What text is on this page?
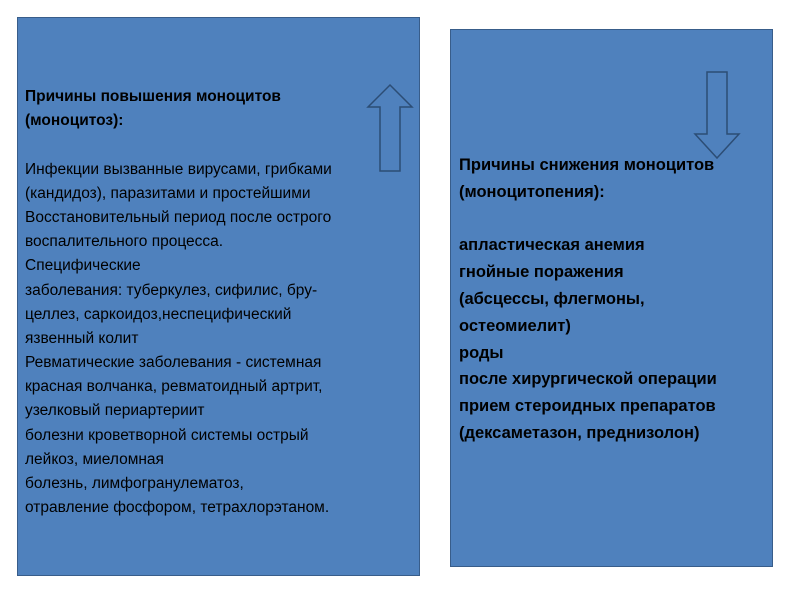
Причины повышения моноцитов
(моноцитоз):
Инфекции вызванные вирусами, грибками
(кандидоз), паразитами и простейшими
Восстановительный период после острого
воспалительного процесса.
Специфические
заболевания: туберкулез, сифилис, бру-
целлез, саркоидоз,неспецифический
язвенный колит
Ревматические заболевания - системная
красная волчанка, ревматоидный артрит,
узелковый периартериит
болезни кроветворной системы острый
лейкоз, миеломная
болезнь, лимфогранулематоз,
отравление фосфором, тетрахлорэтаном.
Причины снижения моноцитов
(моноцитопения):
апластическая анемия
гнойные поражения
(абсцессы, флегмоны,
остеомиелит)
роды
после хирургической операции
прием стероидных препаратов
(дексаметазон, преднизолон)
